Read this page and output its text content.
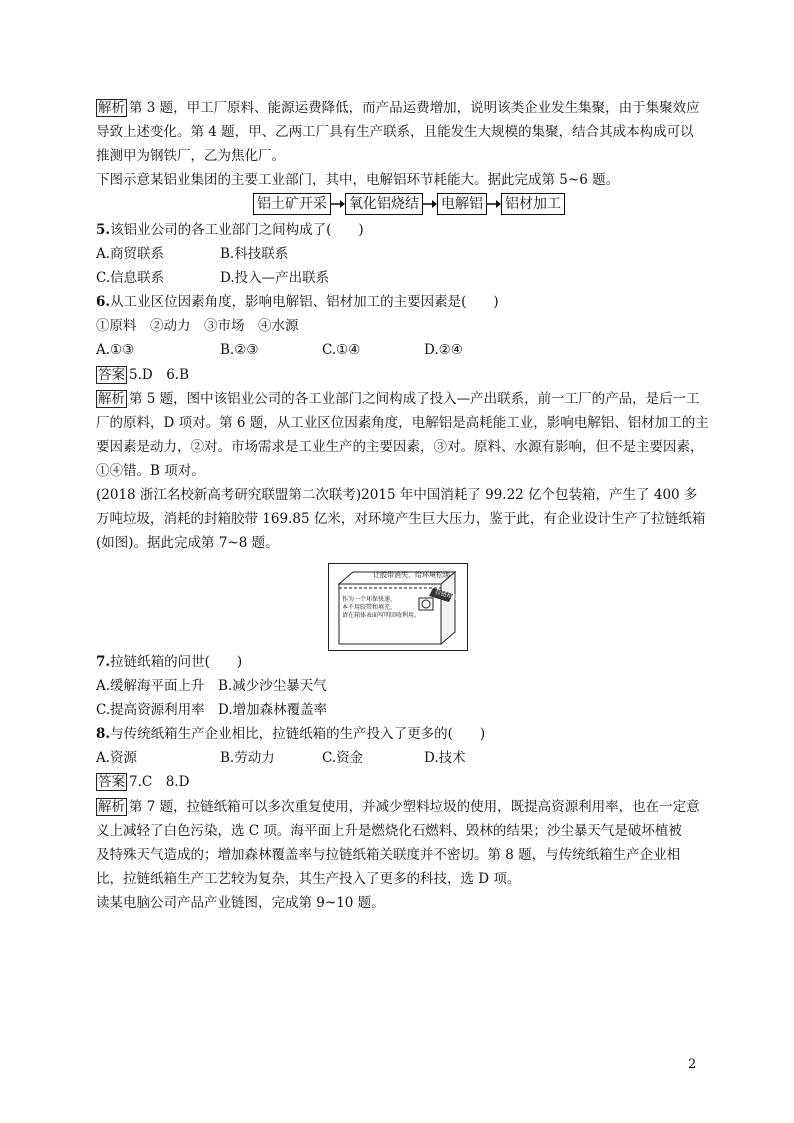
解析 第 3 题，甲工厂原料、能源运费降低，而产品运费增加，说明该类企业发生集聚，由于集聚效应
导致上述变化。第 4 题，甲、乙两工厂具有生产联系，且能发生大规模的集聚，结合其成本构成可以
推测甲为钢铁厂，乙为焦化厂。
下图示意某铝业集团的主要工业部门，其中，电解铝环节耗能大。据此完成第 5~6 题。
铝土矿开采 氧化铝烧结 电解铝 铝材加工
5.该铝业公司的各工业部门之间构成了(　　)
A.商贸联系	B.科技联系
C.信息联系	D.投入—产出联系
6.从工业区位因素角度，影响电解铝、铝材加工的主要因素是(　　)
①原料　②动力　③市场　④水源
A.①③	B.②③	C.①④	D.②④
答案 5.D　6.B
解析 第 5 题，图中该铝业公司的各工业部门之间构成了投入—产出联系，前一工厂的产品，是后一工
厂的原料，D 项对。第 6 题，从工业区位因素角度，电解铝是高耗能工业，影响电解铝、铝材加工的主
要因素是动力，②对。市场需求是工业生产的主要因素，③对。原料、水源有影响，但不是主要因素，
①④错。B 项对。
(2018 浙江名校新高考研究联盟第二次联考)2015 年中国消耗了 99.22 亿个包装箱，产生了 400 多
万吨垃圾，消耗的封箱胶带 169.85 亿米，对环境产生巨大压力，鉴于此，有企业设计生产了拉链纸箱
(如图)。据此完成第 7~8 题。
让胶带消失，给环境松绑
作为一个环保快递，
本不用胶带和填充，
请在箱体表面写明回收利用。
拉链纸箱
7.拉链纸箱的问世(　　)
A.缓解海平面上升 B.减少沙尘暴天气
C.提高资源利用率 D.增加森林覆盖率
8.与传统纸箱生产企业相比，拉链纸箱的生产投入了更多的(　　)
A.资源	B.劳动力	C.资金	D.技术
答案 7.C　8.D
解析 第 7 题，拉链纸箱可以多次重复使用，并减少塑料垃圾的使用，既提高资源利用率，也在一定意
义上减轻了白色污染，选 C 项。海平面上升是燃烧化石燃料、毁林的结果；沙尘暴天气是破坏植被
及特殊天气造成的；增加森林覆盖率与拉链纸箱关联度并不密切。第 8 题，与传统纸箱生产企业相
比，拉链纸箱生产工艺较为复杂，其生产投入了更多的科技，选 D 项。
读某电脑公司产品产业链图，完成第 9~10 题。
2
